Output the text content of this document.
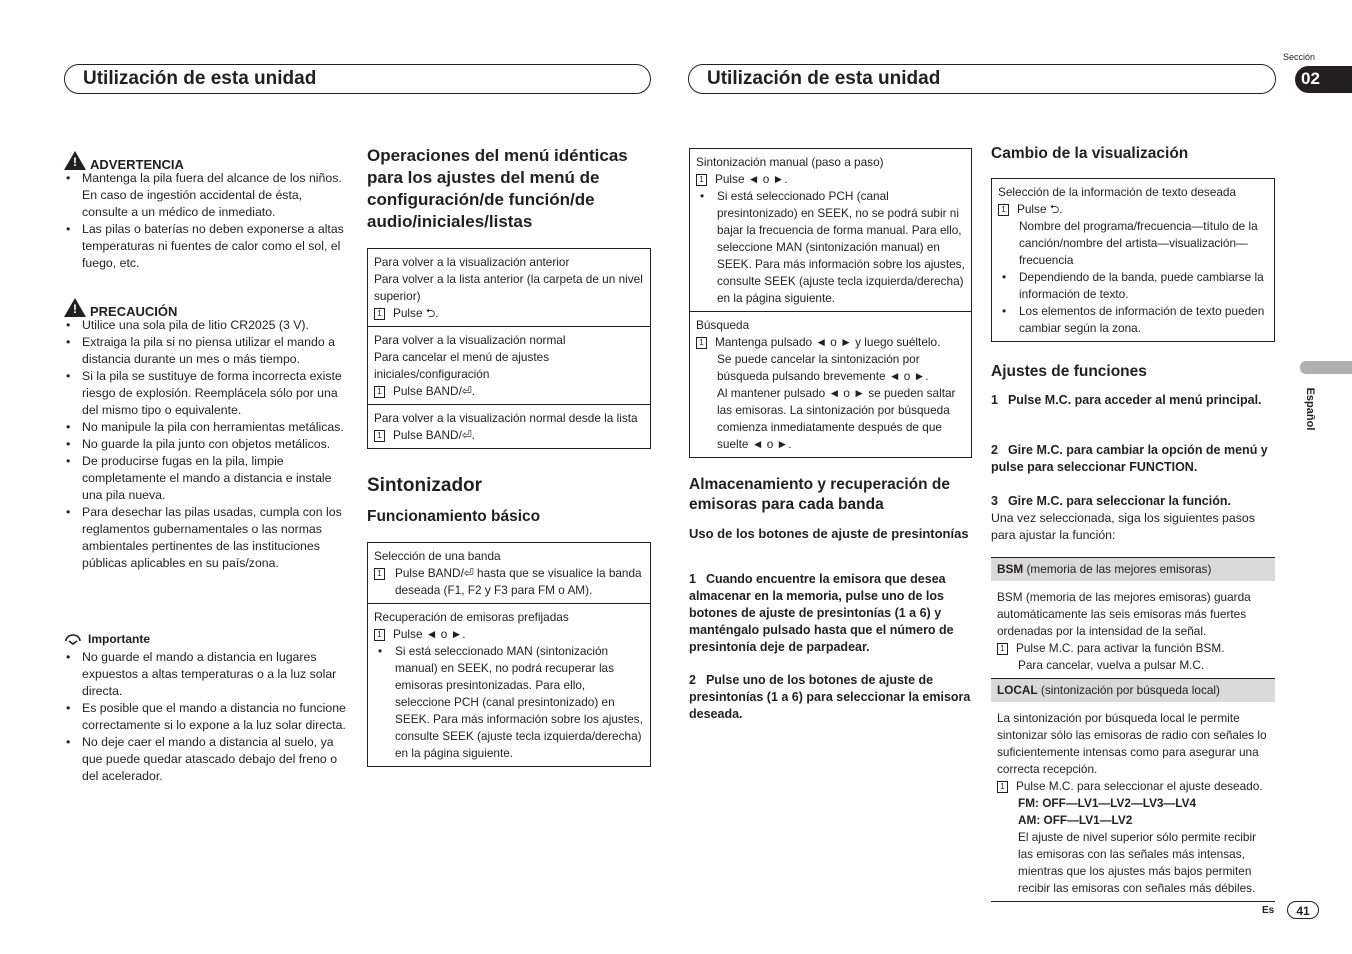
Utilización de esta unidad	Utilización de esta unidad
Sección
02
Español
! ADVERTENCIA
• Mantenga la pila fuera del alcance de los niños. En caso de ingestión accidental de ésta, consulte a un médico de inmediato.
• Las pilas o baterías no deben exponerse a altas temperaturas ni fuentes de calor como el sol, el fuego, etc.
! PRECAUCIÓN
• Utilice una sola pila de litio CR2025 (3 V).
• Extraiga la pila si no piensa utilizar el mando a distancia durante un mes o más tiempo.
• Si la pila se sustituye de forma incorrecta existe riesgo de explosión. Reemplácela sólo por una del mismo tipo o equivalente.
• No manipule la pila con herramientas metálicas.
• No guarde la pila junto con objetos metálicos.
• De producirse fugas en la pila, limpie completamente el mando a distancia e instale una pila nueva.
• Para desechar las pilas usadas, cumpla con los reglamentos gubernamentales o las normas ambientales pertinentes de las instituciones públicas aplicables en su país/zona.
Importante
• No guarde el mando a distancia en lugares expuestos a altas temperaturas o a la luz solar directa.
• Es posible que el mando a distancia no funcione correctamente si lo expone a la luz solar directa.
• No deje caer el mando a distancia al suelo, ya que puede quedar atascado debajo del freno o del acelerador.
Operaciones del menú idénticas para los ajustes del menú de configuración/de función/de audio/iniciales/listas
Para volver a la visualización anterior
Para volver a la lista anterior (la carpeta de un nivel superior)
1 Pulse ⮌.
Para volver a la visualización normal
Para cancelar el menú de ajustes iniciales/configuración
1 Pulse BAND/⏎.
Para volver a la visualización normal desde la lista
1 Pulse BAND/⏎.
Sintonizador
Funcionamiento básico
Selección de una banda
1 Pulse BAND/⏎ hasta que se visualice la banda deseada (F1, F2 y F3 para FM o AM).
Recuperación de emisoras prefijadas
1 Pulse ◄ o ►.
• Si está seleccionado MAN (sintonización manual) en SEEK, no podrá recuperar las emisoras presintonizadas. Para ello, seleccione PCH (canal presintonizado) en SEEK. Para más información sobre los ajustes, consulte SEEK (ajuste tecla izquierda/derecha) en la página siguiente.
Sintonización manual (paso a paso)
1 Pulse ◄ o ►.
• Si está seleccionado PCH (canal presintonizado) en SEEK, no se podrá subir ni bajar la frecuencia de forma manual. Para ello, seleccione MAN (sintonización manual) en SEEK. Para más información sobre los ajustes, consulte SEEK (ajuste tecla izquierda/derecha) en la página siguiente.
Búsqueda
1 Mantenga pulsado ◄ o ► y luego suéltelo.
Se puede cancelar la sintonización por búsqueda pulsando brevemente ◄ o ►.
Al mantener pulsado ◄ o ► se pueden saltar las emisoras. La sintonización por búsqueda comienza inmediatamente después de que suelte ◄ o ►.
Almacenamiento y recuperación de emisoras para cada banda
Uso de los botones de ajuste de presintonías
1 Cuando encuentre la emisora que desea almacenar en la memoria, pulse uno de los botones de ajuste de presintonías (1 a 6) y manténgalo pulsado hasta que el número de presintonía deje de parpadear.
2 Pulse uno de los botones de ajuste de presintonías (1 a 6) para seleccionar la emisora deseada.
Cambio de la visualización
Selección de la información de texto deseada
1 Pulse ⮌.
Nombre del programa/frecuencia—título de la canción/nombre del artista—visualización—frecuencia
• Dependiendo de la banda, puede cambiarse la información de texto.
• Los elementos de información de texto pueden cambiar según la zona.
Ajustes de funciones
1 Pulse M.C. para acceder al menú principal.
2 Gire M.C. para cambiar la opción de menú y pulse para seleccionar FUNCTION.
3 Gire M.C. para seleccionar la función.
Una vez seleccionada, siga los siguientes pasos para ajustar la función:
BSM (memoria de las mejores emisoras)
BSM (memoria de las mejores emisoras) guarda automáticamente las seis emisoras más fuertes ordenadas por la intensidad de la señal.
1 Pulse M.C. para activar la función BSM.
Para cancelar, vuelva a pulsar M.C.
LOCAL (sintonización por búsqueda local)
La sintonización por búsqueda local le permite sintonizar sólo las emisoras de radio con señales lo suficientemente intensas como para asegurar una correcta recepción.
1 Pulse M.C. para seleccionar el ajuste deseado.
FM: OFF—LV1—LV2—LV3—LV4
AM: OFF—LV1—LV2
El ajuste de nivel superior sólo permite recibir las emisoras con las señales más intensas, mientras que los ajustes más bajos permiten recibir las emisoras con señales más débiles.
Es	41
